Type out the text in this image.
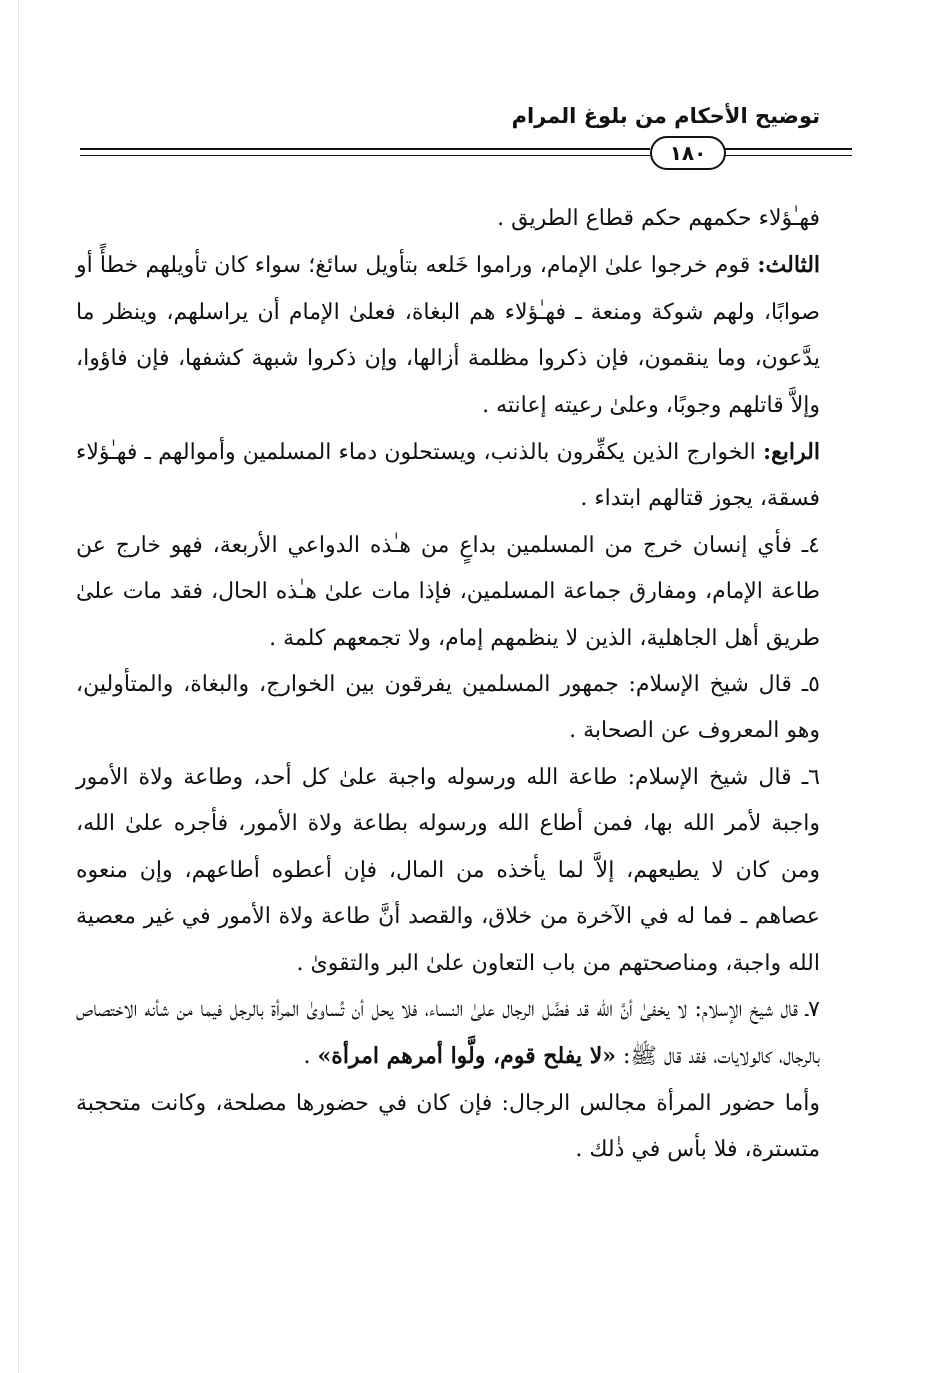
توضيح الأحكام من بلوغ المرام
١٨٠

فهـٰؤلاء حكمهم حكم قطاع الطريق .

الثالث: قوم خرجوا علىٰ الإمام، وراموا خَلعه بتأويل سائغ؛ سواء كان تأويلهم خطأً أو صوابًا، ولهم شوكة ومنعة ـ فهـٰؤلاء هم البغاة، فعلىٰ الإمام أن يراسلهم، وينظر ما يدَّعون، وما ينقمون، فإن ذكروا مظلمة أزالها، وإن ذكروا شبهة كشفها، فإن فاؤوا، وإلاَّ قاتلهم وجوبًا، وعلىٰ رعيته إعانته .

الرابع: الخوارج الذين يكفِّرون بالذنب، ويستحلون دماء المسلمين وأموالهم ـ فهـٰؤلاء فسقة، يجوز قتالهم ابتداء .

٤ـ فأي إنسان خرج من المسلمين بداعٍ من هـٰذه الدواعي الأربعة، فهو خارج عن طاعة الإمام، ومفارق جماعة المسلمين، فإذا مات علىٰ هـٰذه الحال، فقد مات علىٰ طريق أهل الجاهلية، الذين لا ينظمهم إمام، ولا تجمعهم كلمة .

٥ـ قال شيخ الإسلام: جمهور المسلمين يفرقون بين الخوارج، والبغاة، والمتأولين، وهو المعروف عن الصحابة .

٦ـ قال شيخ الإسلام: طاعة الله ورسوله واجبة علىٰ كل أحد، وطاعة ولاة الأمور واجبة لأمر الله بها، فمن أطاع الله ورسوله بطاعة ولاة الأمور، فأجره علىٰ الله، ومن كان لا يطيعهم، إلاَّ لما يأخذه من المال، فإن أعطوه أطاعهم، وإن منعوه عصاهم ـ فما له في الآخرة من خلاق، والقصد أنَّ طاعة ولاة الأمور في غير معصية الله واجبة، ومناصحتهم من باب التعاون علىٰ البر والتقوىٰ .

٧ـ قال شيخ الإسلام: لا يخفىٰ أنَّ الله قد فضَّل الرجال علىٰ النساء، فلا يحل أن تُساوىٰ المرأة بالرجل فيما من شأنه الاختصاص بالرجال، كالولايات، فقد قال ﷺ: «لا يفلح قوم، ولَّوا أمرهم امرأة» .

وأما حضور المرأة مجالس الرجال: فإن كان في حضورها مصلحة، وكانت متحجبة متسترة، فلا بأس في ذٰلك .
